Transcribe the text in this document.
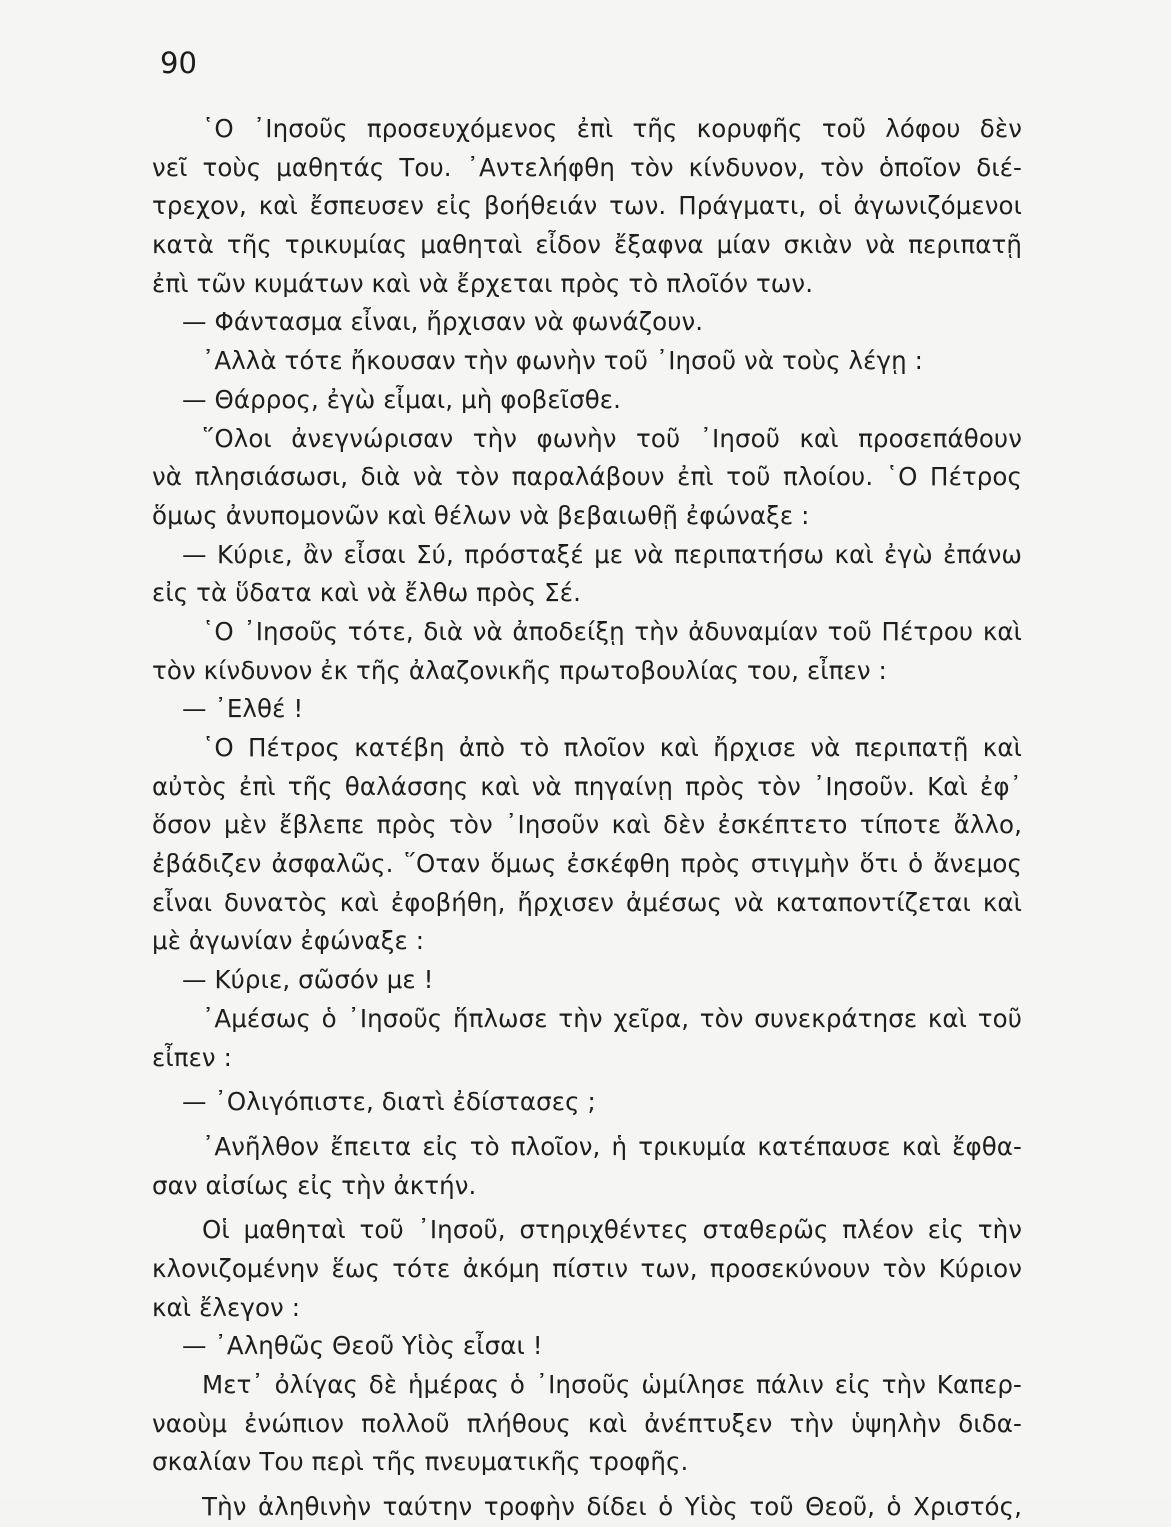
90
῾Ο ᾿Ιησοῦς προσευχόμενος ἐπὶ τῆς κορυφῆς τοῦ λόφου δὲν
νεῖ τοὺς μαθητάς Του. ᾿Αντελήφθη τὸν κίνδυνον, τὸν ὁποῖον διέ-
τρεχον, καὶ ἔσπευσεν εἰς βοήθειάν των. Πράγματι, οἱ ἀγωνιζόμενοι
κατὰ τῆς τρικυμίας μαθηταὶ εἶδον ἔξαφνα μίαν σκιὰν νὰ περιπατῇ
ἐπὶ τῶν κυμάτων καὶ νὰ ἔρχεται πρὸς τὸ πλοῖόν των.
— Φάντασμα εἶναι, ἤρχισαν νὰ φωνάζουν.
᾿Αλλὰ τότε ἤκουσαν τὴν φωνὴν τοῦ ᾿Ιησοῦ νὰ τοὺς λέγῃ :
— Θάρρος, ἐγὼ εἶμαι, μὴ φοβεῖσθε.
῞Ολοι ἀνεγνώρισαν τὴν φωνὴν τοῦ ᾿Ιησοῦ καὶ προσεπάθουν
νὰ πλησιάσωσι, διὰ νὰ τὸν παραλάβουν ἐπὶ τοῦ πλοίου. ῾Ο Πέτρος
ὅμως ἀνυπομονῶν καὶ θέλων νὰ βεβαιωθῇ ἐφώναξε :
— Κύριε, ἂν εἶσαι Σύ, πρόσταξέ με νὰ περιπατήσω καὶ ἐγὼ ἐπάνω
εἰς τὰ ὕδατα καὶ νὰ ἔλθω πρὸς Σέ.
῾Ο ᾿Ιησοῦς τότε, διὰ νὰ ἀποδείξῃ τὴν ἀδυναμίαν τοῦ Πέτρου καὶ
τὸν κίνδυνον ἐκ τῆς ἀλαζονικῆς πρωτοβουλίας του, εἶπεν :
— ᾿Ελθέ !
῾Ο Πέτρος κατέβη ἀπὸ τὸ πλοῖον καὶ ἤρχισε νὰ περιπατῇ καὶ
αὐτὸς ἐπὶ τῆς θαλάσσης καὶ νὰ πηγαίνῃ πρὸς τὸν ᾿Ιησοῦν. Καὶ ἐφ᾿
ὅσον μὲν ἔβλεπε πρὸς τὸν ᾿Ιησοῦν καὶ δὲν ἐσκέπτετο τίποτε ἄλλο,
ἐβάδιζεν ἀσφαλῶς. ῞Οταν ὅμως ἐσκέφθη πρὸς στιγμὴν ὅτι ὁ ἄνεμος
εἶναι δυνατὸς καὶ ἐφοβήθη, ἤρχισεν ἀμέσως νὰ καταποντίζεται καὶ
μὲ ἀγωνίαν ἐφώναξε :
— Κύριε, σῶσόν με !
᾿Αμέσως ὁ ᾿Ιησοῦς ἥπλωσε τὴν χεῖρα, τὸν συνεκράτησε καὶ τοῦ
εἶπεν :
— ᾿Ολιγόπιστε, διατὶ ἐδίστασες ;
᾿Ανῆλθον ἔπειτα εἰς τὸ πλοῖον, ἡ τρικυμία κατέπαυσε καὶ ἔφθα-
σαν αἰσίως εἰς τὴν ἀκτήν.
Οἱ μαθηταὶ τοῦ ᾿Ιησοῦ, στηριχθέντες σταθερῶς πλέον εἰς τὴν
κλονιζομένην ἕως τότε ἀκόμη πίστιν των, προσεκύνουν τὸν Κύριον
καὶ ἔλεγον :
— ᾿Αληθῶς Θεοῦ Υἱὸς εἶσαι !
Μετ᾿ ὀλίγας δὲ ἡμέρας ὁ ᾿Ιησοῦς ὡμίλησε πάλιν εἰς τὴν Καπερ-
ναοὺμ ἐνώπιον πολλοῦ πλήθους καὶ ἀνέπτυξεν τὴν ὑψηλὴν διδα-
σκαλίαν Του περὶ τῆς πνευματικῆς τροφῆς.
Τὴν ἀληθινὴν ταύτην τροφὴν δίδει ὁ Υἱὸς τοῦ Θεοῦ, ὁ Χριστός,
